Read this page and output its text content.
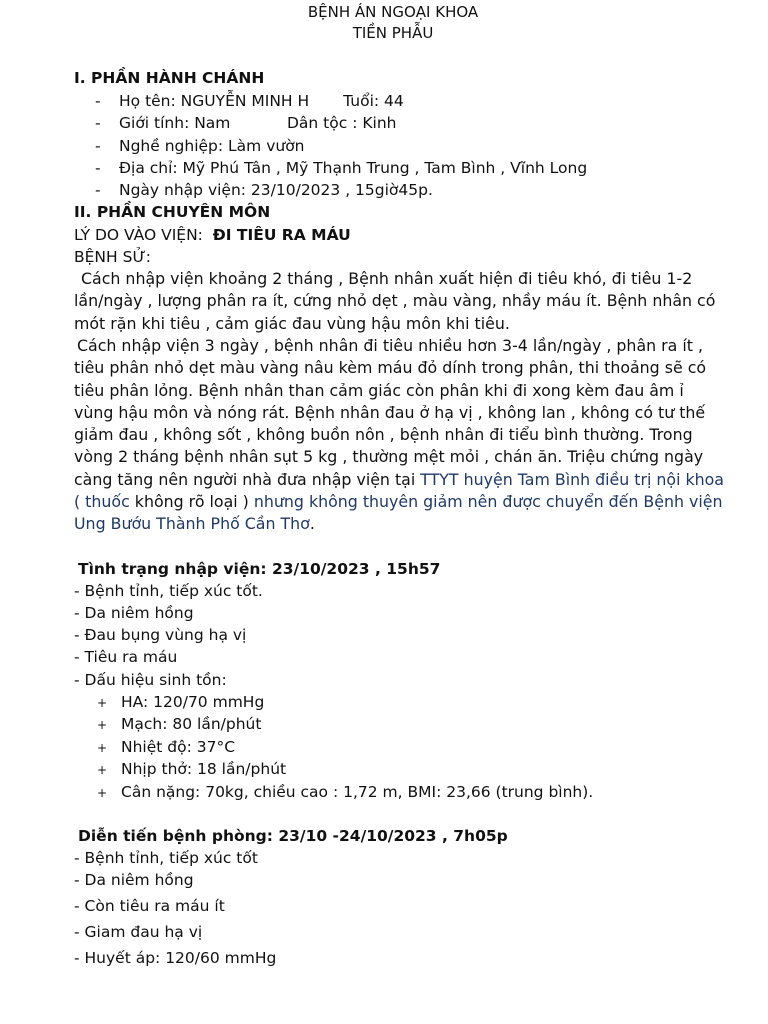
BỆNH ÁN NGOẠI KHOA
TIỀN PHẪU
I. PHẦN HÀNH CHÁNH
- Họ tên: NGUYỄN MINH H Tuổi: 44
- Giới tính: Nam	Dân tộc : Kinh
- Nghề nghiệp: Làm vườn
- Địa chỉ: Mỹ Phú Tân , Mỹ Thạnh Trung , Tam Bình , Vĩnh Long
- Ngày nhập viện: 23/10/2023 , 15giờ45p.
II. PHẦN CHUYÊN MÔN
LÝ DO VÀO VIỆN: ĐI TIÊU RA MÁU
BỆNH SỬ:
Cách nhập viện khoảng 2 tháng , Bệnh nhân xuất hiện đi tiêu khó, đi tiêu 1-2 lần/ngày , lượng phân ra ít, cứng nhỏ dẹt , màu vàng, nhầy máu ít. Bệnh nhân có mót rặn khi tiêu , cảm giác đau vùng hậu môn khi tiêu.
Cách nhập viện 3 ngày , bệnh nhân đi tiêu nhiều hơn 3-4 lần/ngày , phân ra ít , tiêu phân nhỏ dẹt màu vàng nâu kèm máu đỏ dính trong phân, thi thoảng sẽ có tiêu phân lỏng. Bệnh nhân than cảm giác còn phân khi đi xong kèm đau âm ỉ vùng hậu môn và nóng rát. Bệnh nhân đau ở hạ vị , không lan , không có tư thế giảm đau , không sốt , không buồn nôn , bệnh nhân đi tiểu bình thường. Trong vòng 2 tháng bệnh nhân sụt 5 kg , thường mệt mỏi , chán ăn. Triệu chứng ngày càng tăng nên người nhà đưa nhập viện tại TTYT huyện Tam Bình điều trị nội khoa ( thuốc không rõ loại ) nhưng không thuyên giảm nên được chuyển đến Bệnh viện Ung Bướu Thành Phố Cần Thơ.
Tình trạng nhập viện: 23/10/2023 , 15h57
- Bệnh tỉnh, tiếp xúc tốt.
- Da niêm hồng
- Đau bụng vùng hạ vị
- Tiêu ra máu
- Dấu hiệu sinh tồn:
+ HA: 120/70 mmHg
+ Mạch: 80 lần/phút
+ Nhiệt độ: 37°C
+ Nhịp thở: 18 lần/phút
+ Cân nặng: 70kg, chiều cao : 1,72 m, BMI: 23,66 (trung bình).
Diễn tiến bệnh phòng: 23/10 -24/10/2023 , 7h05p
- Bệnh tỉnh, tiếp xúc tốt
- Da niêm hồng
- Còn tiêu ra máu ít
- Giam đau hạ vị
- Huyết áp: 120/60 mmHg
